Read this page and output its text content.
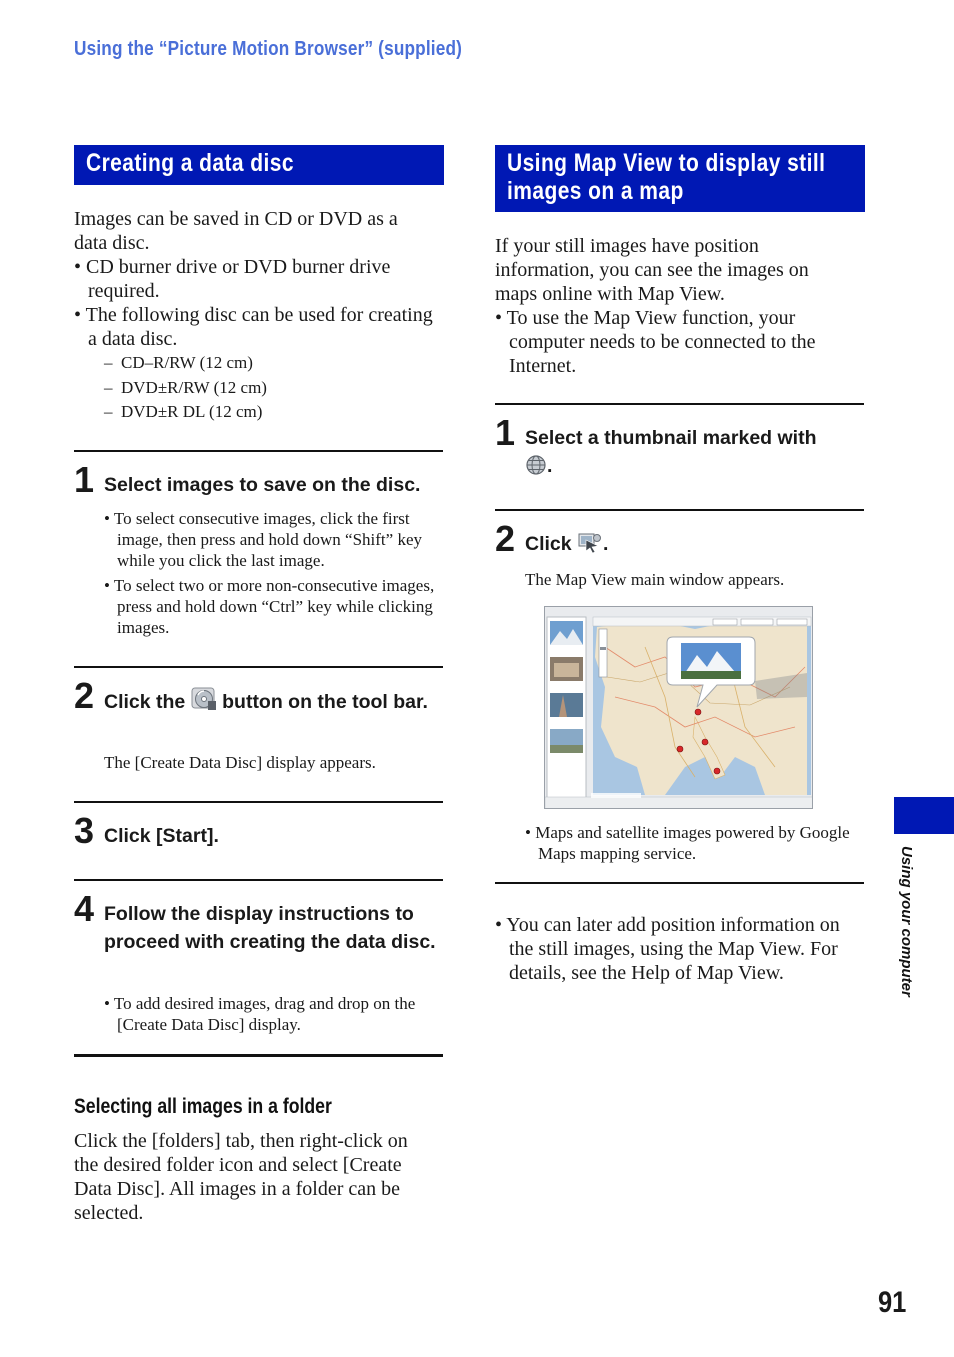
Using the “Picture Motion Browser” (supplied)
Creating a data disc

Images can be saved in CD or DVD as a data disc.

• CD burner drive or DVD burner drive required.

• The following disc can be used for creating a data disc.

–  CD–R/RW (12 cm)
–  DVD±R/RW (12 cm)
–  DVD±R DL (12 cm)
1 Select images to save on the disc.

• To select consecutive images, click the first image, then press and hold down “Shift” key while you click the last image.

• To select two or more non-consecutive images, press and hold down “Ctrl” key while clicking images.

2 Click the button on the tool bar.
The [Create Data Disc] display appears.
3 Click [Start].
4 Follow the display instructions to proceed with creating the data disc.

• To add desired images, drag and drop on the [Create Data Disc] display.

Selecting all images in a folder
Click the [folders] tab, then right-click on the desired folder icon and select [Create Data Disc]. All images in a folder can be selected.
Using Map View to display still
images on a map

If your still images have position information, you can see the images on maps online with Map View.

• To use the Map View function, your computer needs to be connected to the Internet.

1 Select a thumbnail marked with
.
2 Click .
The Map View main window appears.

• Maps and satellite images powered by Google Maps mapping service.

• You can later add position information on the still images, using the Map View. For details, see the Help of Map View.	Using your computer
91
